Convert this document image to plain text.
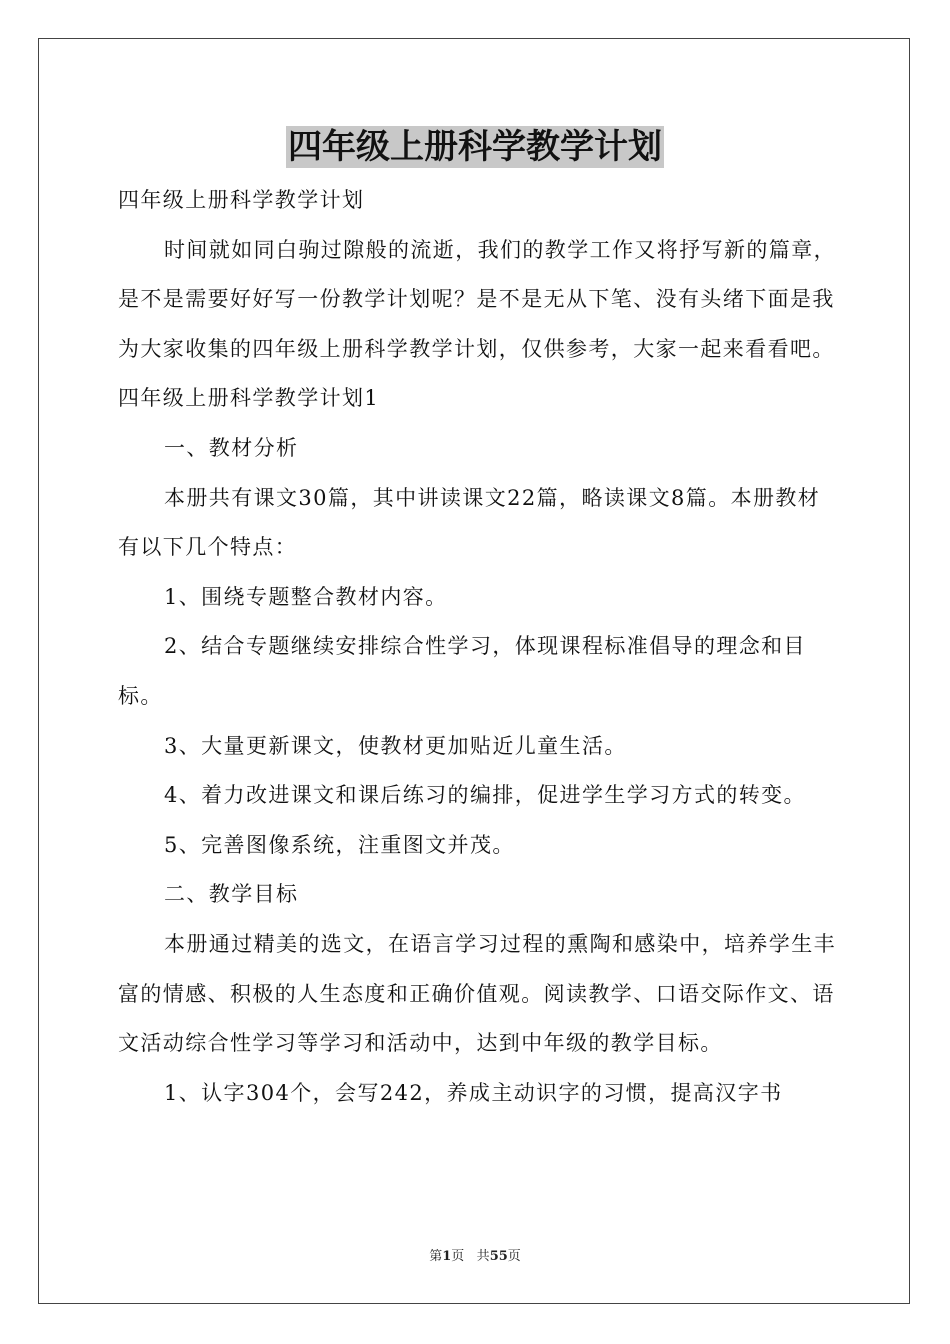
四年级上册科学教学计划

四年级上册科学教学计划

时间就如同白驹过隙般的流逝，我们的教学工作又将抒写新的篇章，是不是需要好好写一份教学计划呢？是不是无从下笔、没有头绪下面是我为大家收集的四年级上册科学教学计划，仅供参考，大家一起来看看吧。

四年级上册科学教学计划1

一、教材分析

本册共有课文30篇，其中讲读课文22篇，略读课文8篇。本册教材有以下几个特点：

1、围绕专题整合教材内容。

2、结合专题继续安排综合性学习，体现课程标准倡导的理念和目标。

3、大量更新课文，使教材更加贴近儿童生活。

4、着力改进课文和课后练习的编排，促进学生学习方式的转变。

5、完善图像系统，注重图文并茂。

二、教学目标

本册通过精美的选文，在语言学习过程的熏陶和感染中，培养学生丰富的情感、积极的人生态度和正确价值观。阅读教学、口语交际作文、语文活动综合性学习等学习和活动中，达到中年级的教学目标。

1、认字304个，会写242，养成主动识字的习惯，提高汉字书

第1页 共55页
